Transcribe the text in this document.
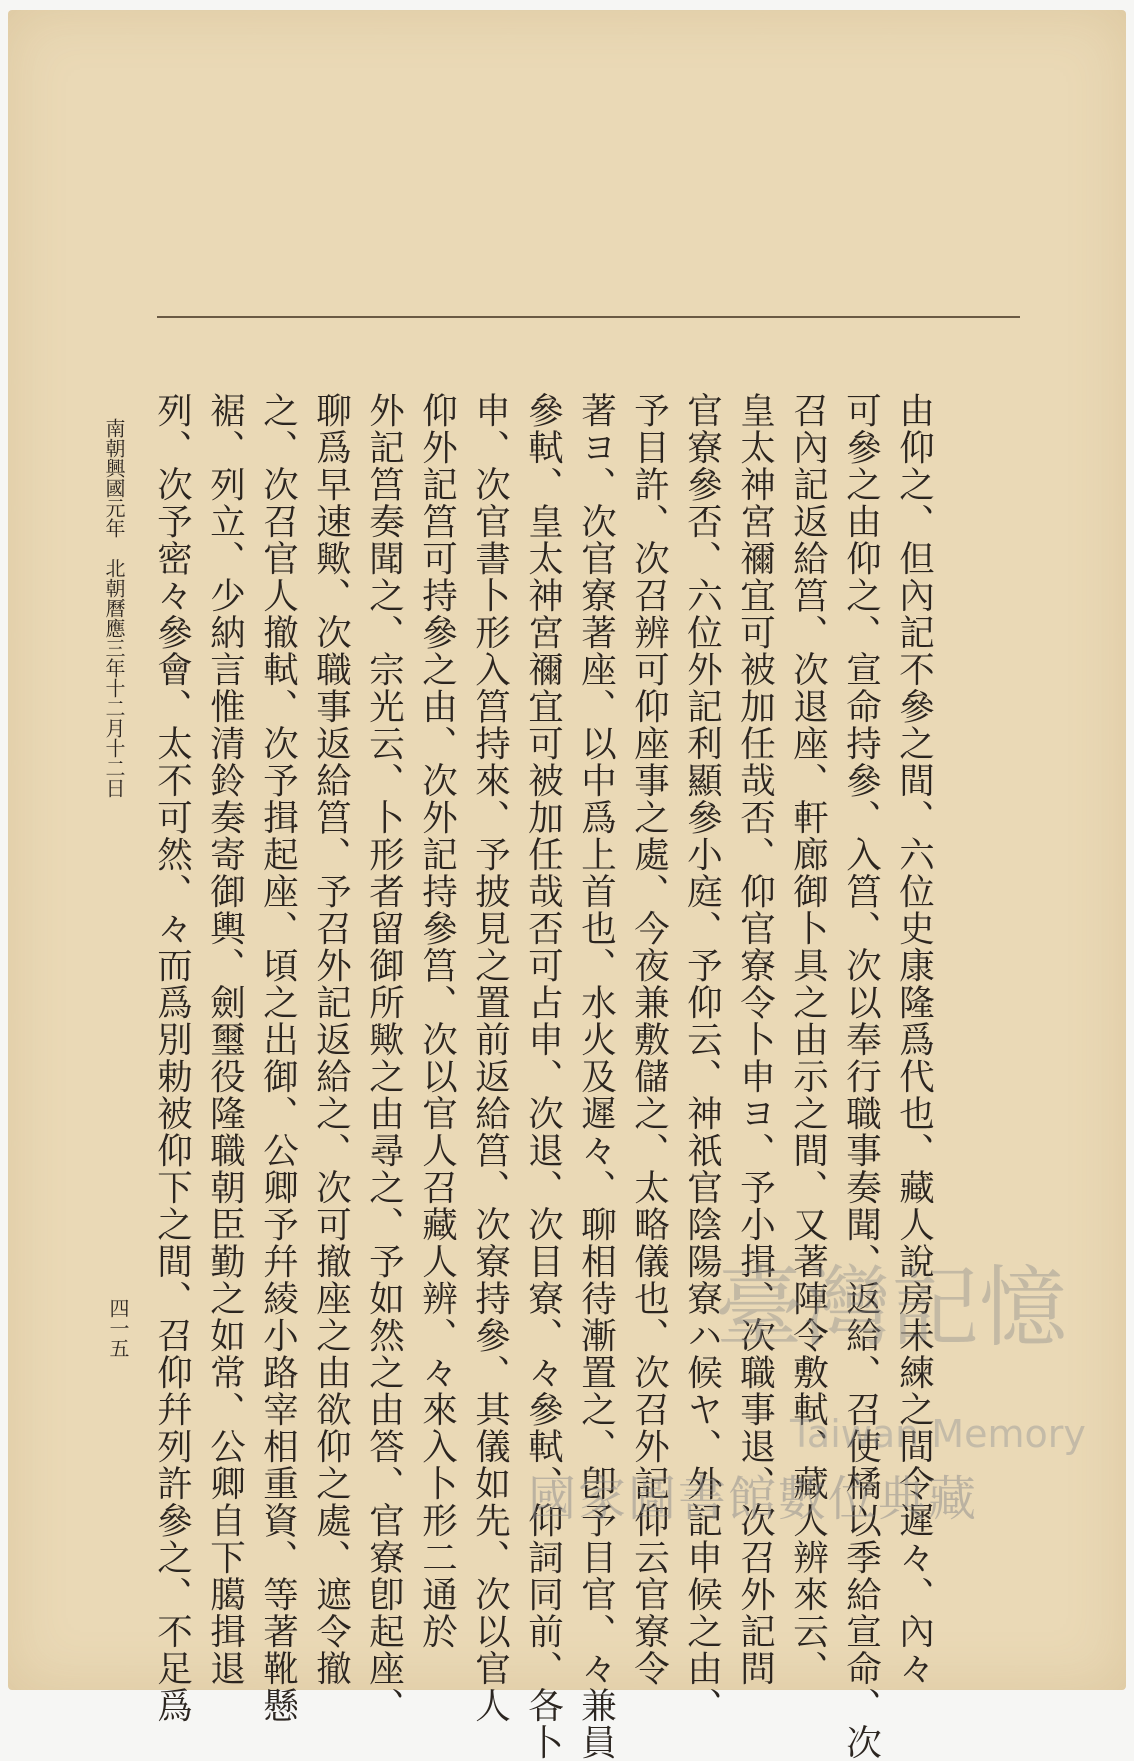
由仰之、但內記不參之間、六位史康隆爲代也、藏人說房未練之間令遲々、內々
可參之由仰之、宣命持參、入筥、次以奉行職事奏聞、返給、召使橘以季給宣命、次
召內記返給筥、次退座、軒廊御卜具之由示之間、又著陣令敷軾、藏人辨來云、
皇太神宮禰宜可被加任哉否、仰官寮令卜申ヨ、予小揖、次職事退、次召外記問
官寮參否、六位外記利顯參小庭、予仰云、神祇官陰陽寮ハ候ヤ、外記申候之由、
予目許、次召辨可仰座事之處、今夜兼敷儲之、太略儀也、次召外記仰云官寮令
著ヨ、次官寮著座、以中爲上首也、水火及遲々、聊相待漸置之、卽予目官、々兼員
參軾、皇太神宮禰宜可被加任哉否可占申、次退、次目寮、々參軾、仰詞同前、各卜
申、次官書卜形入筥持來、予披見之置前返給筥、次寮持參、其儀如先、次以官人
仰外記筥可持參之由、次外記持參筥、次以官人召藏人辨、々來入卜形二通於
外記筥奏聞之、宗光云、卜形者留御所歟之由尋之、予如然之由答、官寮卽起座、
聊爲早速歟、次職事返給筥、予召外記返給之、次可撤座之由欲仰之處、遮令撤
之、次召官人撤軾、次予揖起座、頃之出御、公卿予幷綾小路宰相重資、等著靴懸
裾、列立、少納言惟清鈴奏寄御輿、劍璽役隆職朝臣勤之如常、公卿自下臈揖退
列、次予密々參會、太不可然、々而爲別勅被仰下之間、召仰幷列許參之、不足爲
南朝興國元年　北朝曆應三年十二月十二日
四一五	臺灣記憶
Taiwan Memory
國家圖書館數位典藏
